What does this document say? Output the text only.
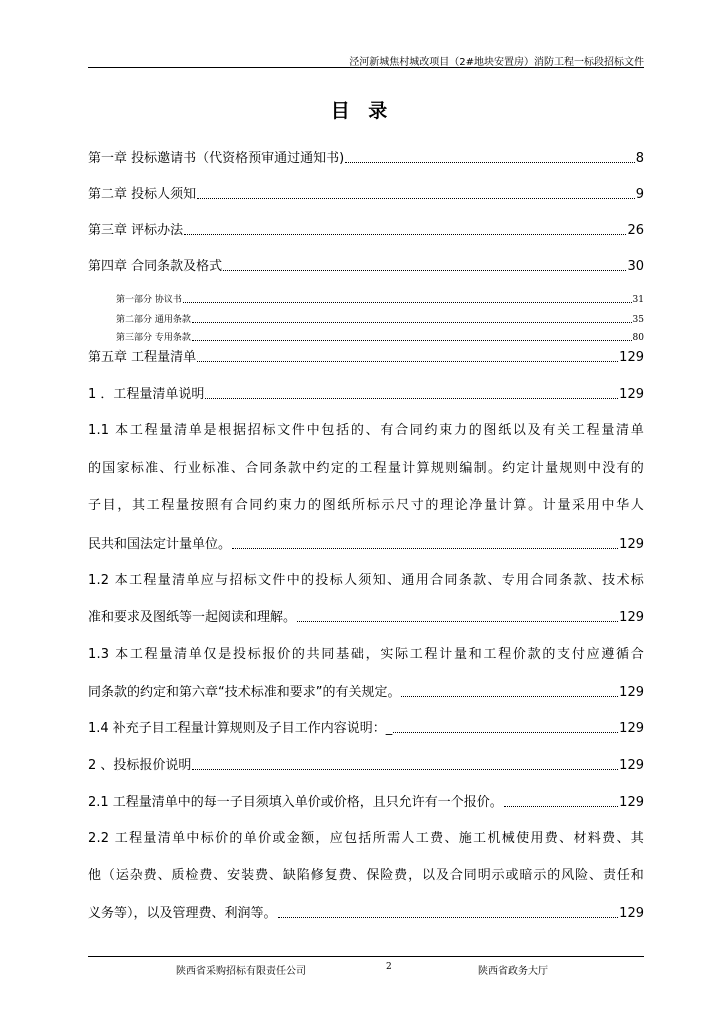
泾河新城焦村城改项目（2#地块安置房）消防工程一标段招标文件
目 录
第一章 投标邀请书（代资格预审通过通知书)	8
第二章 投标人须知	9
第三章 评标办法	26
第四章 合同条款及格式	30
第一部分 协议书	31
第二部分 通用条款	35
第三部分 专用条款	80
第五章 工程量清单	129
1 ．工程量清单说明	129
1.1 本工程量清单是根据招标文件中包括的、有合同约束力的图纸以及有关工程量清单
的国家标准、行业标准、合同条款中约定的工程量计算规则编制。约定计量规则中没有的
子目，其工程量按照有合同约束力的图纸所标示尺寸的理论净量计算。计量采用中华人
民共和国法定计量单位。	129
1.2 本工程量清单应与招标文件中的投标人须知、通用合同条款、专用合同条款、技术标
准和要求及图纸等一起阅读和理解。	129
1.3 本工程量清单仅是投标报价的共同基础，实际工程计量和工程价款的支付应遵循合
同条款的约定和第六章“技术标准和要求”的有关规定。	129
1.4 补充子目工程量计算规则及子目工作内容说明：_	129
2 、投标报价说明	129
2.1 工程量清单中的每一子目须填入单价或价格，且只允许有一个报价。	129
2.2 工程量清单中标价的单价或金额，应包括所需人工费、施工机械使用费、材料费、其
他（运杂费、质检费、安装费、缺陷修复费、保险费，以及合同明示或暗示的风险、责任和
义务等），以及管理费、利润等。	129
陕西省采购招标有限责任公司	2	陕西省政务大厅
